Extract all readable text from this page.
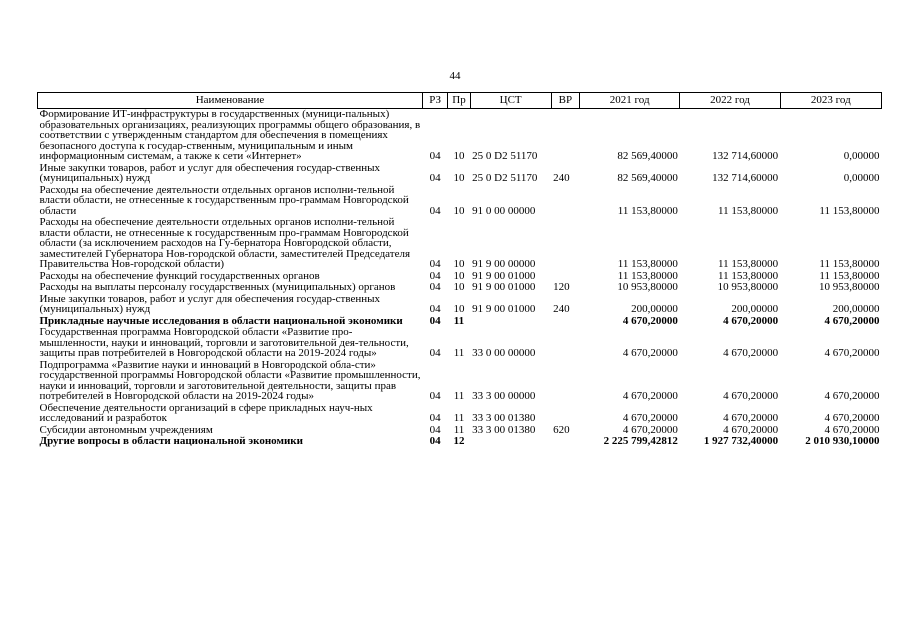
44
Наименование	РЗ	Пр	ЦСТ	ВР	2021 год	2022 год	2023 год
Формирование ИТ-инфраструктуры в государственных (муници-пальных) образовательных организациях, реализующих программы общего образования, в соответствии с утвержденным стандартом для обеспечения в помещениях безопасного доступа к государ-ственным, муниципальным и иным информационным системам, а также к сети «Интернет»	04	10	25 0 D2 51170		82 569,40000	132 714,60000	0,00000
Иные закупки товаров, работ и услуг для обеспечения государ-ственных (муниципальных) нужд	04	10	25 0 D2 51170	240	82 569,40000	132 714,60000	0,00000
Расходы на обеспечение деятельности отдельных органов исполни-тельной власти области, не отнесенные к государственным про-граммам Новгородской области	04	10	91 0 00 00000		11 153,80000	11 153,80000	11 153,80000
Расходы на обеспечение деятельности отдельных органов исполни-тельной власти области, не отнесенные к государственным про-граммам Новгородской области (за исключением расходов на Гу-бернатора Новгородской области, заместителей Губернатора Нов-городской области, заместителей Председателя Правительства Нов-городской области)	04	10	91 9 00 00000		11 153,80000	11 153,80000	11 153,80000
Расходы на обеспечение функций государственных органов	04	10	91 9 00 01000		11 153,80000	11 153,80000	11 153,80000
Расходы на выплаты персоналу государственных (муниципальных) органов	04	10	91 9 00 01000	120	10 953,80000	10 953,80000	10 953,80000
Иные закупки товаров, работ и услуг для обеспечения государ-ственных (муниципальных) нужд	04	10	91 9 00 01000	240	200,00000	200,00000	200,00000
Прикладные научные исследования в области национальной экономики	04	11			4 670,20000	4 670,20000	4 670,20000
Государственная программа Новгородской области «Развитие про-мышленности, науки и инноваций, торговли и заготовительной дея-тельности, защиты прав потребителей в Новгородской области на 2019-2024 годы»	04	11	33 0 00 00000		4 670,20000	4 670,20000	4 670,20000
Подпрограмма «Развитие науки и инноваций в Новгородской обла-сти» государственной программы Новгородской области «Развитие промышленности, науки и инноваций, торговли и заготовительной деятельности, защиты прав потребителей в Новгородской области на 2019-2024 годы»	04	11	33 3 00 00000		4 670,20000	4 670,20000	4 670,20000
Обеспечение деятельности организаций в сфере прикладных науч-ных исследований и разработок	04	11	33 3 00 01380		4 670,20000	4 670,20000	4 670,20000
Субсидии автономным учреждениям	04	11	33 3 00 01380	620	4 670,20000	4 670,20000	4 670,20000
Другие вопросы в области национальной экономики	04	12			2 225 799,42812	1 927 732,40000	2 010 930,10000
